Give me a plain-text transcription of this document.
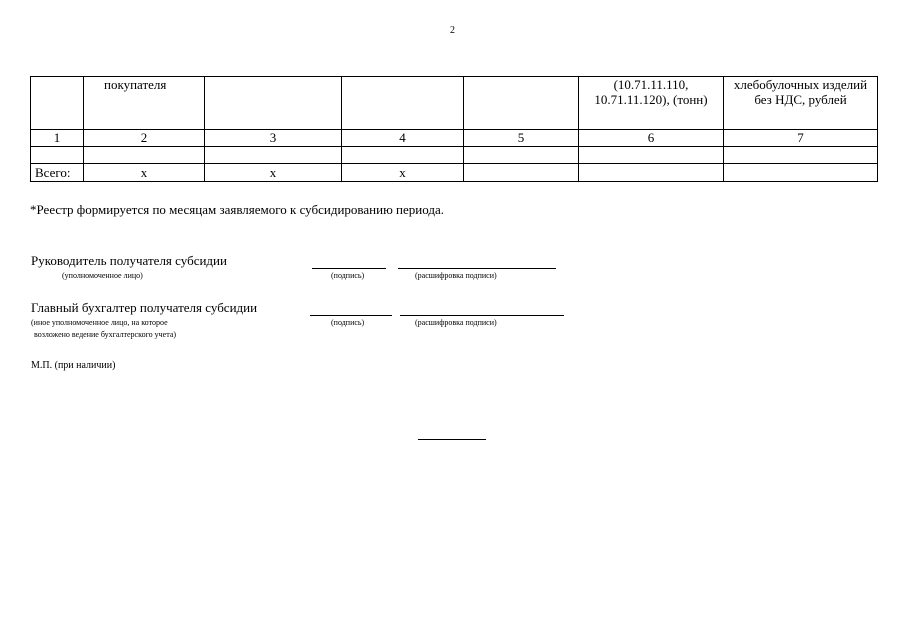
2
	покупателя				(10.71.11.110, 10.71.11.120), (тонн)	хлебобулочных изделий без НДС, рублей
1	2	3	4	5	6	7

Всего:	х	х	х			
*Реестр формируется по месяцам заявляемого к субсидированию периода.
Руководитель получателя субсидии
(уполномоченное лицо)	(подпись)	(расшифровка подписи)
Главный бухгалтер получателя субсидии
(иное уполномоченное лицо, на которое
возложено ведение бухгалтерского учета)
(подпись)	(расшифровка подписи)
М.П. (при наличии)
